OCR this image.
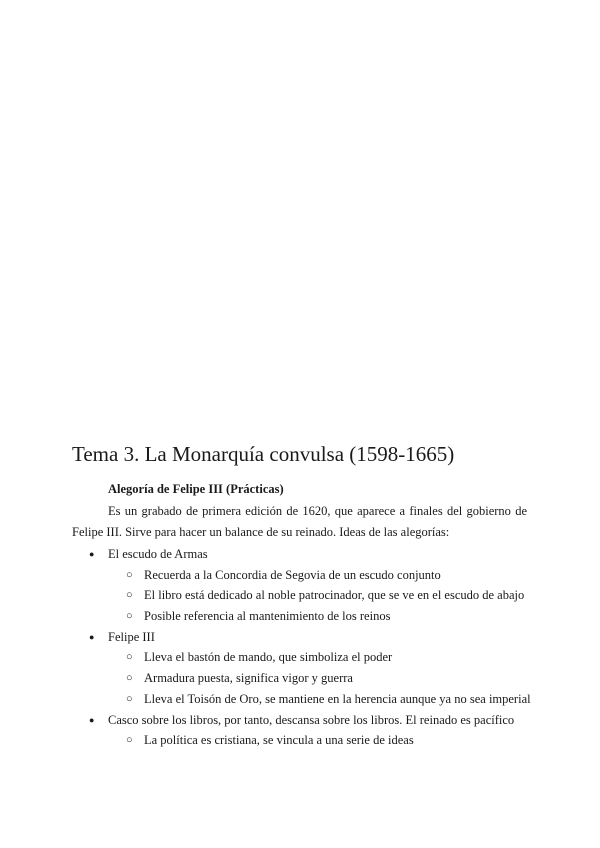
Tema 3. La Monarquía convulsa (1598-1665)
Alegoría de Felipe III (Prácticas)

Es un grabado de primera edición de 1620, que aparece a finales del gobierno de Felipe III. Sirve para hacer un balance de su reinado. Ideas de las alegorías:

● El escudo de Armas
○ Recuerda a la Concordia de Segovia de un escudo conjunto
○ El libro está dedicado al noble patrocinador, que se ve en el escudo de abajo
○ Posible referencia al mantenimiento de los reinos
● Felipe III
○ Lleva el bastón de mando, que simboliza el poder
○ Armadura puesta, significa vigor y guerra
○ Lleva el Toisón de Oro, se mantiene en la herencia aunque ya no sea imperial
● Casco sobre los libros, por tanto, descansa sobre los libros. El reinado es pacífico
○ La política es cristiana, se vincula a una serie de ideas
